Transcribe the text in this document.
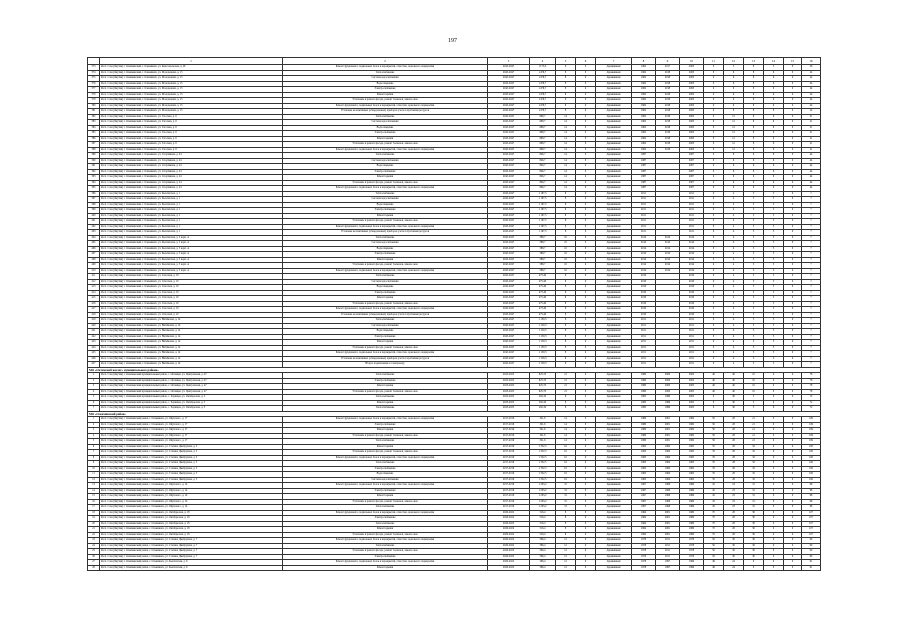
197
	1	2	3	4	5	6	7	8	9	10	11	12	13	14	15	16
373	Респ. Саха (Якутия) г. Олекминский, г. Олекминск, ул. Комсомольская, д. 26	Ремонт фундамента, подвальных балок и перекрытий, отмостки, цокольного перекрытия	2045-2047	1175,6	6	0	Деревянный	1962	2017	2003	0	5	8	5	0	26
374	Респ. Саха (Якутия) г. Олекминский, г. Олекминск, ул. Молодежная, д. 15	Теплоснабжение	2045-2047	1476,7	8	0	Деревянный	1962	2018	2003	0	6	8	6	0	24
375	Респ. Саха (Якутия) г. Олекминский, г. Олекминск, ул. Молодежная, д. 15	Система водоснабжения	2045-2047	1476,7	8	0	Деревянный	1962	2018	2003	0	6	8	6	0	24
376	Респ. Саха (Якутия) г. Олекминский, г. Олекминск, ул. Молодежная, д. 15	Водоотведение	2045-2047	1476,7	8	0	Деревянный	1962	2018	2003	0	6	8	6	0	24
377	Респ. Саха (Якутия) г. Олекминский, г. Олекминск, ул. Молодежная, д. 15	Электроснабжение	2045-2047	1476,7	8	0	Деревянный	1962	2018	2003	0	6	8	6	0	24
378	Респ. Саха (Якутия) г. Олекминский, г. Олекминск, ул. Молодежная, д. 15	Ремонт крыши	2045-2047	1476,7	8	0	Деревянный	1962	2018	2003	0	6	8	6	0	24
379	Респ. Саха (Якутия) г. Олекминский, г. Олекминск, ул. Молодежная, д. 15	Утепление и ремонт фасада, ремонт балконов, замена окон	2045-2047	1476,7	8	0	Деревянный	1962	2018	2003	0	6	8	6	0	24
380	Респ. Саха (Якутия) г. Олекминский, г. Олекминск, ул. Молодежная, д. 15	Ремонт фундамента, подвальных балок и перекрытий, отмостки, цокольного перекрытия	2045-2047	1476,7	8	0	Деревянный	1962	2018	2003	0	6	8	6	0	24
381	Респ. Саха (Якутия) г. Олекминский, г. Олекминск, ул. Молодежная, д. 15	Установка коллективных (общедомовых) приборов учета потребления ресурсов	2045-2047	1476,7	8	0	Деревянный	1962	2018	2003	0	6	8	6	0	24
382	Респ. Саха (Якутия) г. Олекминский, г. Олекминск, ул. Гоголева, д. 6	Теплоснабжение	2045-2047	698,7	14	0	Деревянный	1962	2018	2003	0	12	8	6	0	21
383	Респ. Саха (Якутия) г. Олекминский, г. Олекминск, ул. Гоголева, д. 6	Система водоснабжения	2045-2047	698,7	14	0	Деревянный	1962	2018	2003	0	12	8	6	0	21
384	Респ. Саха (Якутия) г. Олекминский, г. Олекминск, ул. Гоголева, д. 6	Водоотведение	2045-2047	698,7	14	0	Деревянный	1962	2018	2003	0	12	8	6	0	21
385	Респ. Саха (Якутия) г. Олекминский, г. Олекминск, ул. Гоголева, д. 6	Электроснабжение	2045-2047	698,7	14	0	Деревянный	1962	2018	2003	0	12	8	6	0	21
386	Респ. Саха (Якутия) г. Олекминский, г. Олекминск, ул. Гоголева, д. 6	Ремонт крыши	2045-2047	698,7	14	0	Деревянный	1962	2018	2003	0	12	8	6	0	21
387	Респ. Саха (Якутия) г. Олекминский, г. Олекминск, ул. Гоголева, д. 6	Утепление и ремонт фасада, ремонт балконов, замена окон	2045-2047	698,7	14	0	Деревянный	1962	2018	2003	0	12	8	6	0	21
388	Респ. Саха (Якутия) г. Олекминский, г. Олекминск, ул. Гоголева, д. 6	Ремонт фундамента, подвальных балок и перекрытий, отмостки, цокольного перекрытия	2045-2047	698,7	14	0	Деревянный	1962	2018	2003	0	12	8	6	0	21
389	Респ. Саха (Якутия) г. Олекминский, г. Олекминск, ул. Спортивная, д. 24	Теплоснабжение	2045-2047	846,7	14	0	Деревянный	1987		2007	0	6	6	6	0	44
390	Респ. Саха (Якутия) г. Олекминский, г. Олекминск, ул. Спортивная, д. 24	Система водоснабжения	2045-2047	846,7	14	0	Деревянный	1987		2007	0	6	6	6	0	44
391	Респ. Саха (Якутия) г. Олекминский, г. Олекминск, ул. Спортивная, д. 24	Водоотведение	2045-2047	846,7	14	0	Деревянный	1987		2007	0	6	6	6	0	44
392	Респ. Саха (Якутия) г. Олекминский, г. Олекминск, ул. Спортивная, д. 24	Электроснабжение	2045-2047	846,7	14	0	Деревянный	1987		2007	0	6	6	6	0	44
393	Респ. Саха (Якутия) г. Олекминский, г. Олекминск, ул. Спортивная, д. 24	Ремонт крыши	2045-2047	846,7	14	0	Деревянный	1987		2007	0	6	6	6	0	44
394	Респ. Саха (Якутия) г. Олекминский, г. Олекминск, ул. Спортивная, д. 24	Утепление и ремонт фасада, ремонт балконов, замена окон	2045-2047	846,7	14	0	Деревянный	1987		2007	0	6	6	6	0	44
395	Респ. Саха (Якутия) г. Олекминский, г. Олекминск, ул. Спортивная, д. 24	Ремонт фундамента, подвальных балок и перекрытий, отмостки, цокольного перекрытия	2045-2047	846,7	14	0	Деревянный	1987		2007	0	6	6	6	0	44
396	Респ. Саха (Якутия) г. Олекминский, г. Олекминск, ул. Кыллахская, д. 1	Теплоснабжение	2045-2047	1 197,5	8	0	Деревянный	2011		2011	0	4	3	3	0	7
397	Респ. Саха (Якутия) г. Олекминский, г. Олекминск, ул. Кыллахская, д. 1	Система водоснабжения	2045-2047	1 197,5	8	0	Деревянный	2011		2011	0	4	3	3	0	7
398	Респ. Саха (Якутия) г. Олекминский, г. Олекминск, ул. Кыллахская, д. 1	Водоотведение	2045-2047	1 197,5	8	0	Деревянный	2011		2011	0	4	3	3	0	7
399	Респ. Саха (Якутия) г. Олекминский, г. Олекминск, ул. Кыллахская, д. 1	Электроснабжение	2045-2047	1 197,5	8	0	Деревянный	2011		2011	0	4	3	3	0	7
400	Респ. Саха (Якутия) г. Олекминский, г. Олекминск, ул. Кыллахская, д. 1	Ремонт крыши	2045-2047	1 197,5	8	0	Деревянный	2011		2011	0	4	3	3	0	7
401	Респ. Саха (Якутия) г. Олекминский, г. Олекминск, ул. Кыллахская, д. 1	Утепление и ремонт фасада, ремонт балконов, замена окон	2045-2047	1 197,5	8	0	Деревянный	2011		2011	0	4	3	3	0	7
402	Респ. Саха (Якутия) г. Олекминский, г. Олекминск, ул. Кыллахская, д. 1	Ремонт фундамента, подвальных балок и перекрытий, отмостки, цокольного перекрытия	2045-2047	1 197,5	8	0	Деревянный	2011		2011	0	4	3	3	0	7
403	Респ. Саха (Якутия) г. Олекминский, г. Олекминск, ул. Кыллахская, д. 1	Установка коллективных (общедомовых) приборов учета потребления ресурсов	2045-2047	1 197,5	8	0	Деревянный	2011		2011	0	4	3	3	0	7
404	Респ. Саха (Якутия) г. Олекминский, г. Олекминск, ул. Кыллахская, д. 5 корп. А	Теплоснабжение	2045-2047	588,7	10	0	Деревянный	2014	2014	2014	0	4	3	3	0	7
405	Респ. Саха (Якутия) г. Олекминский, г. Олекминск, ул. Кыллахская, д. 5 корп. А	Система водоснабжения	2045-2047	588,7	10	0	Деревянный	2014	2014	2014	0	4	3	3	0	7
406	Респ. Саха (Якутия) г. Олекминский, г. Олекминск, ул. Кыллахская, д. 5 корп. А	Водоотведение	2045-2047	588,7	10	0	Деревянный	2014	2014	2014	0	4	3	3	0	7
407	Респ. Саха (Якутия) г. Олекминский, г. Олекминск, ул. Кыллахская, д. 5 корп. А	Электроснабжение	2045-2047	588,7	10	0	Деревянный	2014	2014	2014	0	4	3	3	0	7
408	Респ. Саха (Якутия) г. Олекминский, г. Олекминск, ул. Кыллахская, д. 5 корп. А	Ремонт крыши	2045-2047	588,7	10	0	Деревянный	2014	2014	2014	0	4	3	3	0	7
409	Респ. Саха (Якутия) г. Олекминский, г. Олекминск, ул. Кыллахская, д. 5 корп. А	Утепление и ремонт фасада, ремонт балконов, замена окон	2045-2047	588,7	10	0	Деревянный	2014	2014	2014	0	4	3	3	0	7
410	Респ. Саха (Якутия) г. Олекминский, г. Олекминск, ул. Кыллахская, д. 5 корп. А	Ремонт фундамента, подвальных балок и перекрытий, отмостки, цокольного перекрытия	2045-2047	588,7	10	0	Деревянный	2014	2014	2014	0	4	3	3	0	7
411	Респ. Саха (Якутия) г. Олекминский, г. Олекминск, ул. Спасская, д. 10	Теплоснабжение	2045-2047	475,40	8	0	Деревянный	2010		2010	0	4	3	3	0	7
412	Респ. Саха (Якутия) г. Олекминский, г. Олекминск, ул. Спасская, д. 10	Система водоснабжения	2045-2047	475,40	8	0	Деревянный	2010		2010	0	4	3	3	0	7
413	Респ. Саха (Якутия) г. Олекминский, г. Олекминск, ул. Спасская, д. 10	Водоотведение	2045-2047	475,40	8	0	Деревянный	2010		2010	0	4	3	3	0	7
414	Респ. Саха (Якутия) г. Олекминский, г. Олекминск, ул. Спасская, д. 10	Электроснабжение	2045-2047	475,40	8	0	Деревянный	2010		2010	0	4	3	3	0	7
415	Респ. Саха (Якутия) г. Олекминский, г. Олекминск, ул. Спасская, д. 10	Ремонт крыши	2045-2047	475,40	8	0	Деревянный	2010		2010	0	4	3	3	0	7
416	Респ. Саха (Якутия) г. Олекминский, г. Олекминск, ул. Спасская, д. 10	Утепление и ремонт фасада, ремонт балконов, замена окон	2045-2047	475,40	8	0	Деревянный	2010		2010	0	4	3	3	0	7
417	Респ. Саха (Якутия) г. Олекминский, г. Олекминск, ул. Спасская, д. 10	Ремонт фундамента, подвальных балок и перекрытий, отмостки, цокольного перекрытия	2045-2047	475,40	8	0	Деревянный	2010		2010	0	4	3	3	0	7
418	Респ. Саха (Якутия) г. Олекминский, г. Олекминск, ул. Спасская, д. 10	Установка коллективных (общедомовых) приборов учета потребления ресурсов	2045-2047	475,40	8	0	Деревянный	2010		2010	0	4	3	3	0	7
419	Респ. Саха (Якутия) г. Олекминский, г. Олекминск, ул. Витимская, д. 14	Теплоснабжение	2045-2047	1 150,3	8	0	Деревянный	2011		2011	0	4	3	3	0	7
420	Респ. Саха (Якутия) г. Олекминский, г. Олекминск, ул. Витимская, д. 14	Система водоснабжения	2045-2047	1 150,3	8	0	Деревянный	2011		2011	0	4	3	3	0	7
421	Респ. Саха (Якутия) г. Олекминский, г. Олекминск, ул. Витимская, д. 14	Водоотведение	2045-2047	1 150,3	8	0	Деревянный	2011		2011	0	4	3	3	0	7
422	Респ. Саха (Якутия) г. Олекминский, г. Олекминск, ул. Витимская, д. 14	Электроснабжение	2045-2047	1 150,3	8	0	Деревянный	2011		2011	0	4	3	3	0	7
423	Респ. Саха (Якутия) г. Олекминский, г. Олекминск, ул. Витимская, д. 14	Ремонт крыши	2045-2047	1 150,3	8	0	Деревянный	2011		2011	0	4	3	3	0	7
424	Респ. Саха (Якутия) г. Олекминский, г. Олекминск, ул. Витимская, д. 14	Утепление и ремонт фасада, ремонт балконов, замена окон	2045-2047	1 150,3	8	0	Деревянный	2011		2011	0	4	3	3	0	7
425	Респ. Саха (Якутия) г. Олекминский, г. Олекминск, ул. Витимская, д. 14	Ремонт фундамента, подвальных балок и перекрытий, отмостки, цокольного перекрытия	2045-2047	1 150,3	8	0	Деревянный	2011		2011	0	4	3	3	0	7
426	Респ. Саха (Якутия) г. Олекминский, г. Олекминск, ул. Витимская, д. 14	Установка коллективных (общедомовых) приборов учета потребления ресурсов	2045-2047	1 150,3	8	0	Деревянный	2011		2011	0	4	3	3	0	7
427	Респ. Саха (Якутия) г. Олекминский, г. Олекминск, ул. Витимская, д. 14	Второе подключение к газопроводу	2045-2047	1 150,3	8	0	Деревянный	2011		2011	0	4	3	3	0	7
МО «Октемский наслег» муниципального района»																
1	Респ. Саха (Якутия) г. Олекминский муниципальный район, с. Октемцы, ул. Центральная, д. 47	Теплоснабжение	2023-2025	625,70	21	0	Деревянный	1980	2000	2005	40	40	10	0	0	78
2	Респ. Саха (Якутия) г. Олекминский муниципальный район, с. Октемцы, ул. Центральная, д. 47	Электроснабжение	2023-2025	625,70	21	0	Деревянный	1980	2000	2005	40	40	10	0	0	78
3	Респ. Саха (Якутия) г. Олекминский муниципальный район, с. Октемцы, ул. Центральная, д. 47	Ремонт крыши	2023-2025	625,70	21	0	Деревянный	1980	2000	2005	40	40	10	0	0	78
4	Респ. Саха (Якутия) г. Олекминский муниципальный район, с. Октемцы, ул. Центральная, д. 47	Утепление и ремонт фасада, ремонт балконов, замена окон	2023-2025	625,70	21	0	Деревянный	1980	2000	2005	40	40	10	0	0	78
5	Респ. Саха (Якутия) г. Олекминский муниципальный район, с. Хоринцы, ул. Октябрьская, д. 3	Теплоснабжение	2023-2025	292,34	8	0	Деревянный	1985	1999	2005	0	30	5	0	0	72
6	Респ. Саха (Якутия) г. Олекминский муниципальный район, с. Хоринцы, ул. Октябрьская, д. 3	Ремонт крыши	2023-2025	292,34	8	0	Деревянный	1985	1999	2005	0	30	5	0	0	72
7	Респ. Саха (Якутия) г. Олекминский муниципальный район, с. Хоринцы, ул. Октябрьская, д. 3	Теплоснабжение	2023-2025	292,34	8	0	Деревянный	1985	1999	2005	0	30	5	0	0	72
МО «Олекминский район»																
1	Респ. Саха (Якутия) г. Олекминский район, г. Олекминск, ул. Ойунского, д. 17	Ремонт фундамента, подвальных балок и перекрытий, отмостки, цокольного перекрытия	2017-2019	321,6	14	0	Деревянный	1980	2001	1982	50	28	21	0	0	109
2	Респ. Саха (Якутия) г. Олекминский район, г. Олекминск, ул. Ойунского, д. 17	Электроснабжение	2017-2019	321,6	14	0	Деревянный	1980	2001	1982	50	28	21	0	0	109
3	Респ. Саха (Якутия) г. Олекминский район, г. Олекминск, ул. Ойунского, д. 17	Ремонт крыши	2017-2019	321,6	14	0	Деревянный	1980	2001	1982	50	28	21	0	0	109
4	Респ. Саха (Якутия) г. Олекминский район, г. Олекминск, ул. Ойунского, д. 17	Утепление и ремонт фасада, ремонт балконов, замена окон	2017-2019	321,6	14	0	Деревянный	1980	2001	1982	50	28	21	0	0	109
5	Респ. Саха (Якутия) г. Олекминский район, г. Олекминск, ул. Ойунского, д. 17	Теплоснабжение	2017-2019	321,6	14	0	Деревянный	1980	2001	1982	50	28	21	0	0	109
6	Респ. Саха (Якутия) г. Олекминский район, г. Олекминск, ул. Степана Дмитрукова, д. 5	Ремонт крыши	2017-2019	1 352,5	61	0	Деревянный	1963	1964	1965	35	28	32	0	0	100
7	Респ. Саха (Якутия) г. Олекминский район, г. Олекминск, ул. Степана Дмитрукова, д. 5	Утепление и ремонт фасада, ремонт балконов, замена окон	2017-2019	1 352,5	61	0	Деревянный	1963	1964	1965	35	28	32	0	0	100
8	Респ. Саха (Якутия) г. Олекминский район, г. Олекминск, ул. Степана Дмитрукова, д. 5	Ремонт фундамента, подвальных балок и перекрытий, отмостки, цокольного перекрытия	2017-2019	1 352,5	61	0	Деревянный	1963	1964	1965	35	28	32	0	0	100
9	Респ. Саха (Якутия) г. Олекминский район, г. Олекминск, ул. Степана Дмитрукова, д. 5	Теплоснабжение	2017-2019	1 352,5	61	0	Деревянный	1963	1964	1965	35	28	32	0	0	100
10	Респ. Саха (Якутия) г. Олекминский район, г. Олекминск, ул. Степана Дмитрукова, д. 5	Электроснабжение	2017-2019	1 352,5	61	0	Деревянный	1963	1964	1965	35	28	32	0	0	100
11	Респ. Саха (Якутия) г. Олекминский район, г. Олекминск, ул. Степана Дмитрукова, д. 5	Водоотведение	2017-2019	1 352,5	61	0	Деревянный	1963	1964	1965	35	28	32	0	0	100
12	Респ. Саха (Якутия) г. Олекминский район, г. Олекминск, ул. Степана Дмитрукова, д. 5	Система водоснабжения	2017-2019	1 352,5	61	0	Деревянный	1963	1964	1965	35	28	32	0	0	100
13	Респ. Саха (Якутия) г. Олекминский район, г. Олекминск, ул. Ойунского, д. 14	Ремонт фундамента, подвальных балок и перекрытий, отмостки, цокольного перекрытия	2017-2019	1 203,2	31	0	Деревянный	1967	1968	1969	45	23	31	0	0	98
14	Респ. Саха (Якутия) г. Олекминский район, г. Олекминск, ул. Ойунского, д. 14	Электроснабжение	2017-2019	1 203,2	31	0	Деревянный	1967	1968	1969	45	23	31	0	0	98
15	Респ. Саха (Якутия) г. Олекминский район, г. Олекминск, ул. Ойунского, д. 14	Ремонт крыши	2017-2019	1 203,2	31	0	Деревянный	1967	1968	1969	45	23	31	0	0	98
16	Респ. Саха (Якутия) г. Олекминский район, г. Олекминск, ул. Ойунского, д. 14	Утепление и ремонт фасада, ремонт балконов, замена окон	2017-2019	1 203,2	31	0	Деревянный	1967	1968	1969	45	23	31	0	0	98
17	Респ. Саха (Якутия) г. Олекминский район, г. Олекминск, ул. Ойунского, д. 14	Теплоснабжение	2017-2019	1 203,2	31	0	Деревянный	1967	1968	1969	45	23	31	0	0	98
18	Респ. Саха (Якутия) г. Олекминский район, г. Олекминск, ул. Октябрьская, д. 18	Ремонт фундамента, подвальных балок и перекрытий, отмостки, цокольного перекрытия	2020-2022	516,4	8	0	Деревянный	1964	2001	1980	70	28	30	0	0	107
19	Респ. Саха (Якутия) г. Олекминский район, г. Олекминск, ул. Октябрьская, д. 18	Электроснабжение	2020-2022	516,4	8	0	Деревянный	1964	2001	1980	70	28	30	0	0	107
20	Респ. Саха (Якутия) г. Олекминский район, г. Олекминск, ул. Октябрьская, д. 18	Теплоснабжение	2020-2022	516,4	8	0	Деревянный	1964	2001	1980	70	28	30	0	0	107
21	Респ. Саха (Якутия) г. Олекминский район, г. Олекминск, ул. Октябрьская, д. 18	Ремонт крыши	2020-2022	516,4	8	0	Деревянный	1964	2001	1980	70	28	30	0	0	107
22	Респ. Саха (Якутия) г. Олекминский район, г. Олекминск, ул. Октябрьская, д. 18	Утепление и ремонт фасада, ремонт балконов, замена окон	2020-2022	516,4	8	0	Деревянный	1964	2001	1980	70	28	30	0	0	107
23	Респ. Саха (Якутия) г. Олекминский район, г. Олекминск, ул. Степана Дмитрукова, д. 7	Ремонт фундамента, подвальных балок и перекрытий, отмостки, цокольного перекрытия	2020-2022	596,4	12	0	Деревянный	1978	2011	1978	50	30	30	0	0	90
24	Респ. Саха (Якутия) г. Олекминский район, г. Олекминск, ул. Степана Дмитрукова, д. 7	Теплоснабжение	2020-2022	596,4	12	0	Деревянный	1978	2011	1978	50	30	30	0	0	90
25	Респ. Саха (Якутия) г. Олекминский район, г. Олекминск, ул. Степана Дмитрукова, д. 7	Утепление и ремонт фасада, ремонт балконов, замена окон	2020-2022	596,4	12	0	Деревянный	1978	2011	1978	50	30	30	0	0	90
26	Респ. Саха (Якутия) г. Олекминский район, г. Олекминск, ул. Степана Дмитрукова, д. 7	Электроснабжение	2020-2022	596,4	12	0	Деревянный	1978	2011	1978	50	30	30	0	0	90
27	Респ. Саха (Якутия) г. Олекминский район, г. Олекминск, ул. Кыллахская, д. 6	Ремонт фундамента, подвальных балок и перекрытий, отмостки, цокольного перекрытия	2020-2022	596,4	12	0	Деревянный	1978	1997	1999	49	24	0	0	0	91
28	Респ. Саха (Якутия) г. Олекминский район, г. Олекминск, ул. Кыллахская, д. 6	Ремонт крыши	2020-2022	596,4	12	0	Деревянный	1978	1997	1999	49	24	0	0	0	91
